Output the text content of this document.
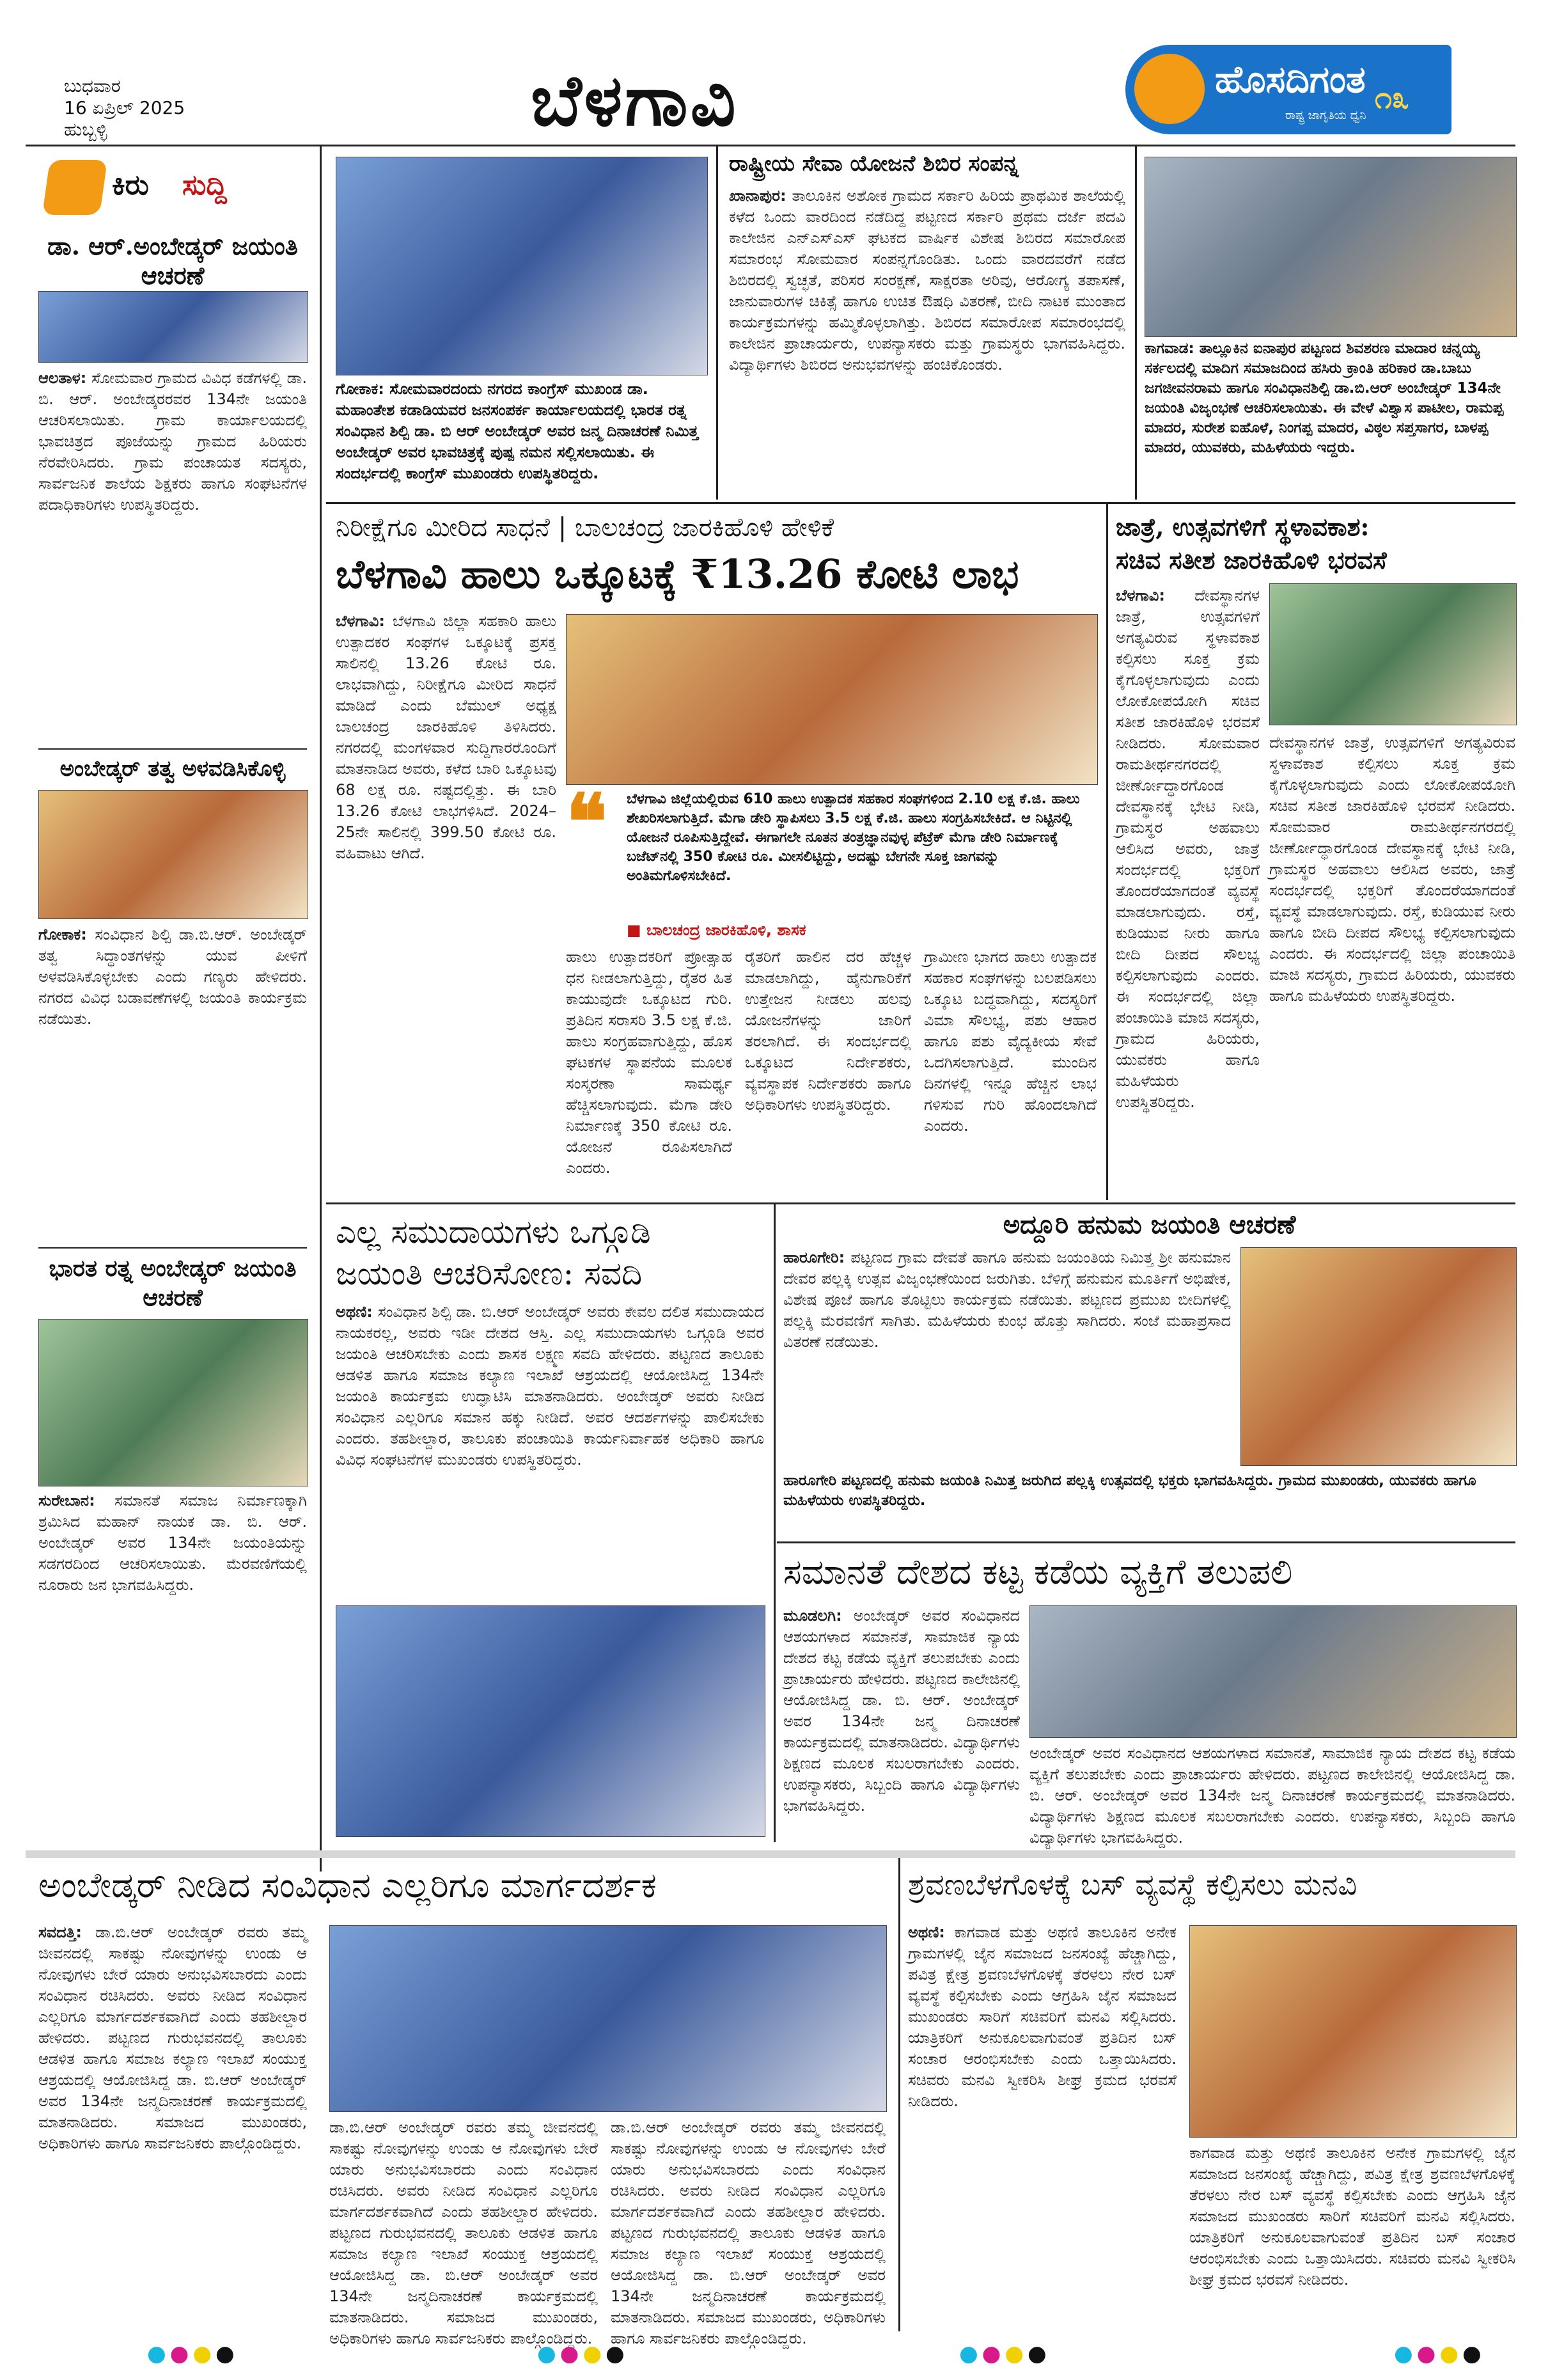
ಬುಧವಾರ
16 ಏಪ್ರಿಲ್ 2025
ಹುಬ್ಬಳ್ಳಿ	ಬೆಳಗಾವಿ	ಹೊಸದಿಗಂತ
ರಾಷ್ಟ್ರ ಜಾಗೃತಿಯ ಧ್ವನಿ ೧೩
ಕಿರು ಸುದ್ದಿ
ಡಾ. ಆರ್.ಅಂಬೇಡ್ಕರ್ ಜಯಂತಿ ಆಚರಣೆ
ಆಲತಾಳ: ಸೋಮವಾರ ಗ್ರಾಮದ ವಿವಿಧ ಕಡೆಗಳಲ್ಲಿ ಡಾ. ಬಿ. ಆರ್. ಅಂಬೇಡ್ಕರರವರ 134ನೇ ಜಯಂತಿ ಆಚರಿಸಲಾಯಿತು. ಗ್ರಾಮ ಕಾರ್ಯಾಲಯದಲ್ಲಿ ಭಾವಚಿತ್ರದ ಪೂಜೆಯನ್ನು ಗ್ರಾಮದ ಹಿರಿಯರು ನೆರವೇರಿಸಿದರು. ಗ್ರಾಮ ಪಂಚಾಯತ ಸದಸ್ಯರು, ಸಾರ್ವಜನಿಕ ಶಾಲೆಯ ಶಿಕ್ಷಕರು ಹಾಗೂ ಸಂಘಟನೆಗಳ ಪದಾಧಿಕಾರಿಗಳು ಉಪಸ್ಥಿತರಿದ್ದರು.
ಅಂಬೇಡ್ಕರ್ ತತ್ವ ಅಳವಡಿಸಿಕೊಳ್ಳಿ
ಗೋಕಾಕ: ಸಂವಿಧಾನ ಶಿಲ್ಪಿ ಡಾ.ಬಿ.ಆರ್. ಅಂಬೇಡ್ಕರ್ ತತ್ವ ಸಿದ್ಧಾಂತಗಳನ್ನು ಯುವ ಪೀಳಿಗೆ ಅಳವಡಿಸಿಕೊಳ್ಳಬೇಕು ಎಂದು ಗಣ್ಯರು ಹೇಳಿದರು. ನಗರದ ವಿವಿಧ ಬಡಾವಣೆಗಳಲ್ಲಿ ಜಯಂತಿ ಕಾರ್ಯಕ್ರಮ ನಡೆಯಿತು.
ಭಾರತ ರತ್ನ ಅಂಬೇಡ್ಕರ್ ಜಯಂತಿ ಆಚರಣೆ
ಸುರೇಬಾನ: ಸಮಾನತೆ ಸಮಾಜ ನಿರ್ಮಾಣಕ್ಕಾಗಿ ಶ್ರಮಿಸಿದ ಮಹಾನ್ ನಾಯಕ ಡಾ. ಬಿ. ಆರ್. ಅಂಬೇಡ್ಕರ್ ಅವರ 134ನೇ ಜಯಂತಿಯನ್ನು ಸಡಗರದಿಂದ ಆಚರಿಸಲಾಯಿತು. ಮೆರವಣಿಗೆಯಲ್ಲಿ ನೂರಾರು ಜನ ಭಾಗವಹಿಸಿದ್ದರು.
ಗೋಕಾಕ: ಸೋಮವಾರದಂದು ನಗರದ ಕಾಂಗ್ರೆಸ್ ಮುಖಂಡ ಡಾ. ಮಹಾಂತೇಶ ಕಡಾಡಿಯವರ ಜನಸಂಪರ್ಕ ಕಾರ್ಯಾಲಯದಲ್ಲಿ ಭಾರತ ರತ್ನ ಸಂವಿಧಾನ ಶಿಲ್ಪಿ ಡಾ. ಬಿ ಆರ್ ಅಂಬೇಡ್ಕರ್ ಅವರ ಜನ್ಮ ದಿನಾಚರಣೆ ನಿಮಿತ್ತ ಅಂಬೇಡ್ಕರ್ ಅವರ ಭಾವಚಿತ್ರಕ್ಕೆ ಪುಷ್ಪ ನಮನ ಸಲ್ಲಿಸಲಾಯಿತು. ಈ ಸಂದರ್ಭದಲ್ಲಿ ಕಾಂಗ್ರೆಸ್ ಮುಖಂಡರು ಉಪಸ್ಥಿತರಿದ್ದರು.
ರಾಷ್ಟ್ರೀಯ ಸೇವಾ ಯೋಜನೆ ಶಿಬಿರ ಸಂಪನ್ನ
ಖಾನಾಪುರ: ತಾಲೂಕಿನ ಅಶೋಕ ಗ್ರಾಮದ ಸರ್ಕಾರಿ ಹಿರಿಯ ಪ್ರಾಥಮಿಕ ಶಾಲೆಯಲ್ಲಿ ಕಳೆದ ಒಂದು ವಾರದಿಂದ ನಡೆದಿದ್ದ ಪಟ್ಟಣದ ಸರ್ಕಾರಿ ಪ್ರಥಮ ದರ್ಜೆ ಪದವಿ ಕಾಲೇಜಿನ ಎನ್ಎಸ್ಎಸ್ ಘಟಕದ ವಾರ್ಷಿಕ ವಿಶೇಷ ಶಿಬಿರದ ಸಮಾರೋಪ ಸಮಾರಂಭ ಸೋಮವಾರ ಸಂಪನ್ನಗೊಂಡಿತು. ಒಂದು ವಾರದವರೆಗೆ ನಡೆದ ಶಿಬಿರದಲ್ಲಿ ಸ್ವಚ್ಛತೆ, ಪರಿಸರ ಸಂರಕ್ಷಣೆ, ಸಾಕ್ಷರತಾ ಅರಿವು, ಆರೋಗ್ಯ ತಪಾಸಣೆ, ಜಾನುವಾರುಗಳ ಚಿಕಿತ್ಸೆ ಹಾಗೂ ಉಚಿತ ಔಷಧಿ ವಿತರಣೆ, ಬೀದಿ ನಾಟಕ ಮುಂತಾದ ಕಾರ್ಯಕ್ರಮಗಳನ್ನು ಹಮ್ಮಿಕೊಳ್ಳಲಾಗಿತ್ತು. ಶಿಬಿರದ ಸಮಾರೋಪ ಸಮಾರಂಭದಲ್ಲಿ ಕಾಲೇಜಿನ ಪ್ರಾಚಾರ್ಯರು, ಉಪನ್ಯಾಸಕರು ಮತ್ತು ಗ್ರಾಮಸ್ಥರು ಭಾಗವಹಿಸಿದ್ದರು. ವಿದ್ಯಾರ್ಥಿಗಳು ಶಿಬಿರದ ಅನುಭವಗಳನ್ನು ಹಂಚಿಕೊಂಡರು.
ಕಾಗವಾಡ: ತಾಲ್ಲೂಕಿನ ಐನಾಪುರ ಪಟ್ಟಣದ ಶಿವಶರಣ ಮಾದಾರ ಚನ್ನಯ್ಯ ಸರ್ಕಲದಲ್ಲಿ ಮಾದಿಗ ಸಮಾಜದಿಂದ ಹಸಿರು ಕ್ರಾಂತಿ ಹರಿಕಾರ ಡಾ.ಬಾಬು ಜಗಜೀವನರಾಮ ಹಾಗೂ ಸಂವಿಧಾನಶಿಲ್ಪಿ ಡಾ.ಬಿ.ಆರ್ ಅಂಬೇಡ್ಕರ್ 134ನೇ ಜಯಂತಿ ವಿಜೃಂಭಣೆ ಆಚರಿಸಲಾಯಿತು. ಈ ವೇಳೆ ವಿಶ್ವಾಸ ಪಾಟೀಲ, ರಾಮಪ್ಪ ಮಾದರ, ಸುರೇಶ ಐಹೊಳೆ, ನಿಂಗಪ್ಪ ಮಾದರ, ವಿಠ್ಠಲ ಸಪ್ತಸಾಗರ, ಬಾಳಪ್ಪ ಮಾದರ, ಯುವಕರು, ಮಹಿಳೆಯರು ಇದ್ದರು.
ನಿರೀಕ್ಷೆಗೂ ಮೀರಿದ ಸಾಧನೆ | ಬಾಲಚಂದ್ರ ಜಾರಕಿಹೊಳಿ ಹೇಳಿಕೆ
ಬೆಳಗಾವಿ ಹಾಲು ಒಕ್ಕೂಟಕ್ಕೆ ₹13.26 ಕೋಟಿ ಲಾಭ
ಬೆಳಗಾವಿ: ಬೆಳಗಾವಿ ಜಿಲ್ಲಾ ಸಹಕಾರಿ ಹಾಲು ಉತ್ಪಾದಕರ ಸಂಘಗಳ ಒಕ್ಕೂಟಕ್ಕೆ ಪ್ರಸಕ್ತ ಸಾಲಿನಲ್ಲಿ 13.26 ಕೋಟಿ ರೂ. ಲಾಭವಾಗಿದ್ದು, ನಿರೀಕ್ಷೆಗೂ ಮೀರಿದ ಸಾಧನೆ ಮಾಡಿದೆ ಎಂದು ಬೆಮುಲ್ ಅಧ್ಯಕ್ಷ ಬಾಲಚಂದ್ರ ಜಾರಕಿಹೊಳಿ ತಿಳಿಸಿದರು. ನಗರದಲ್ಲಿ ಮಂಗಳವಾರ ಸುದ್ದಿಗಾರರೊಂದಿಗೆ ಮಾತನಾಡಿದ ಅವರು, ಕಳೆದ ಬಾರಿ ಒಕ್ಕೂಟವು 68 ಲಕ್ಷ ರೂ. ನಷ್ಟದಲ್ಲಿತ್ತು. ಈ ಬಾರಿ 13.26 ಕೋಟಿ ಲಾಭಗಳಿಸಿದೆ. 2024–25ನೇ ಸಾಲಿನಲ್ಲಿ 399.50 ಕೋಟಿ ರೂ. ವಹಿವಾಟು ಆಗಿದೆ.	❝ ಬೆಳಗಾವಿ ಜಿಲ್ಲೆಯಲ್ಲಿರುವ 610 ಹಾಲು ಉತ್ಪಾದಕ ಸಹಕಾರ ಸಂಘಗಳಿಂದ 2.10 ಲಕ್ಷ ಕೆ.ಜಿ. ಹಾಲು ಶೇಖರಿಸಲಾಗುತ್ತಿದೆ. ಮೆಗಾ ಡೇರಿ ಸ್ಥಾಪಿಸಲು 3.5 ಲಕ್ಷ ಕೆ.ಜಿ. ಹಾಲು ಸಂಗ್ರಹಿಸಬೇಕಿದೆ. ಆ ನಿಟ್ಟಿನಲ್ಲಿ ಯೋಜನೆ ರೂಪಿಸುತ್ತಿದ್ದೇವೆ. ಈಗಾಗಲೇ ನೂತನ ತಂತ್ರಜ್ಞಾನವುಳ್ಳ ಪೆಟ್ರೆಕ್ ಮೆಗಾ ಡೇರಿ ನಿರ್ಮಾಣಕ್ಕೆ ಬಜೆಟ್‌ನಲ್ಲಿ 350 ಕೋಟಿ ರೂ. ಮೀಸಲಿಟ್ಟಿದ್ದು, ಅದಷ್ಟು ಬೇಗನೇ ಸೂಕ್ತ ಜಾಗವನ್ನು ಅಂತಿಮಗೊಳಿಸಬೇಕಿದೆ.
■ ಬಾಲಚಂದ್ರ ಜಾರಕಿಹೊಳಿ, ಶಾಸಕ
ಹಾಲು ಉತ್ಪಾದಕರಿಗೆ ಪ್ರೋತ್ಸಾಹ ಧನ ನೀಡಲಾಗುತ್ತಿದ್ದು, ರೈತರ ಹಿತ ಕಾಯುವುದೇ ಒಕ್ಕೂಟದ ಗುರಿ. ಪ್ರತಿದಿನ ಸರಾಸರಿ 3.5 ಲಕ್ಷ ಕೆ.ಜಿ. ಹಾಲು ಸಂಗ್ರಹವಾಗುತ್ತಿದ್ದು, ಹೊಸ ಘಟಕಗಳ ಸ್ಥಾಪನೆಯ ಮೂಲಕ ಸಂಸ್ಕರಣಾ ಸಾಮರ್ಥ್ಯ ಹೆಚ್ಚಿಸಲಾಗುವುದು. ಮೆಗಾ ಡೇರಿ ನಿರ್ಮಾಣಕ್ಕೆ 350 ಕೋಟಿ ರೂ. ಯೋಜನೆ ರೂಪಿಸಲಾಗಿದೆ ಎಂದರು.
ರೈತರಿಗೆ ಹಾಲಿನ ದರ ಹೆಚ್ಚಳ ಮಾಡಲಾಗಿದ್ದು, ಹೈನುಗಾರಿಕೆಗೆ ಉತ್ತೇಜನ ನೀಡಲು ಹಲವು ಯೋಜನೆಗಳನ್ನು ಜಾರಿಗೆ ತರಲಾಗಿದೆ. ಈ ಸಂದರ್ಭದಲ್ಲಿ ಒಕ್ಕೂಟದ ನಿರ್ದೇಶಕರು, ವ್ಯವಸ್ಥಾಪಕ ನಿರ್ದೇಶಕರು ಹಾಗೂ ಅಧಿಕಾರಿಗಳು ಉಪಸ್ಥಿತರಿದ್ದರು.
ಗ್ರಾಮೀಣ ಭಾಗದ ಹಾಲು ಉತ್ಪಾದಕ ಸಹಕಾರ ಸಂಘಗಳನ್ನು ಬಲಪಡಿಸಲು ಒಕ್ಕೂಟ ಬದ್ಧವಾಗಿದ್ದು, ಸದಸ್ಯರಿಗೆ ವಿಮಾ ಸೌಲಭ್ಯ, ಪಶು ಆಹಾರ ಹಾಗೂ ಪಶು ವೈದ್ಯಕೀಯ ಸೇವೆ ಒದಗಿಸಲಾಗುತ್ತಿದೆ. ಮುಂದಿನ ದಿನಗಳಲ್ಲಿ ಇನ್ನೂ ಹೆಚ್ಚಿನ ಲಾಭ ಗಳಿಸುವ ಗುರಿ ಹೊಂದಲಾಗಿದೆ ಎಂದರು.
ಜಾತ್ರೆ, ಉತ್ಸವಗಳಿಗೆ ಸ್ಥಳಾವಕಾಶ:
ಸಚಿವ ಸತೀಶ ಜಾರಕಿಹೊಳಿ ಭರವಸೆ
ಬೆಳಗಾವಿ: ದೇವಸ್ಥಾನಗಳ ಜಾತ್ರೆ, ಉತ್ಸವಗಳಿಗೆ ಅಗತ್ಯವಿರುವ ಸ್ಥಳಾವಕಾಶ ಕಲ್ಪಿಸಲು ಸೂಕ್ತ ಕ್ರಮ ಕೈಗೊಳ್ಳಲಾಗುವುದು ಎಂದು ಲೋಕೋಪಯೋಗಿ ಸಚಿವ ಸತೀಶ ಜಾರಕಿಹೊಳಿ ಭರವಸೆ ನೀಡಿದರು. ಸೋಮವಾರ ರಾಮತೀರ್ಥನಗರದಲ್ಲಿ ಜೀರ್ಣೋದ್ಧಾರಗೊಂಡ ದೇವಸ್ಥಾನಕ್ಕೆ ಭೇಟಿ ನೀಡಿ, ಗ್ರಾಮಸ್ಥರ ಅಹವಾಲು ಆಲಿಸಿದ ಅವರು, ಜಾತ್ರೆ ಸಂದರ್ಭದಲ್ಲಿ ಭಕ್ತರಿಗೆ ತೊಂದರೆಯಾಗದಂತೆ ವ್ಯವಸ್ಥೆ ಮಾಡಲಾಗುವುದು. ರಸ್ತೆ, ಕುಡಿಯುವ ನೀರು ಹಾಗೂ ಬೀದಿ ದೀಪದ ಸೌಲಭ್ಯ ಕಲ್ಪಿಸಲಾಗುವುದು ಎಂದರು. ಈ ಸಂದರ್ಭದಲ್ಲಿ ಜಿಲ್ಲಾ ಪಂಚಾಯಿತಿ ಮಾಜಿ ಸದಸ್ಯರು, ಗ್ರಾಮದ ಹಿರಿಯರು, ಯುವಕರು ಹಾಗೂ ಮಹಿಳೆಯರು ಉಪಸ್ಥಿತರಿದ್ದರು.
ದೇವಸ್ಥಾನಗಳ ಜಾತ್ರೆ, ಉತ್ಸವಗಳಿಗೆ ಅಗತ್ಯವಿರುವ ಸ್ಥಳಾವಕಾಶ ಕಲ್ಪಿಸಲು ಸೂಕ್ತ ಕ್ರಮ ಕೈಗೊಳ್ಳಲಾಗುವುದು ಎಂದು ಲೋಕೋಪಯೋಗಿ ಸಚಿವ ಸತೀಶ ಜಾರಕಿಹೊಳಿ ಭರವಸೆ ನೀಡಿದರು. ಸೋಮವಾರ ರಾಮತೀರ್ಥನಗರದಲ್ಲಿ ಜೀರ್ಣೋದ್ಧಾರಗೊಂಡ ದೇವಸ್ಥಾನಕ್ಕೆ ಭೇಟಿ ನೀಡಿ, ಗ್ರಾಮಸ್ಥರ ಅಹವಾಲು ಆಲಿಸಿದ ಅವರು, ಜಾತ್ರೆ ಸಂದರ್ಭದಲ್ಲಿ ಭಕ್ತರಿಗೆ ತೊಂದರೆಯಾಗದಂತೆ ವ್ಯವಸ್ಥೆ ಮಾಡಲಾಗುವುದು. ರಸ್ತೆ, ಕುಡಿಯುವ ನೀರು ಹಾಗೂ ಬೀದಿ ದೀಪದ ಸೌಲಭ್ಯ ಕಲ್ಪಿಸಲಾಗುವುದು ಎಂದರು. ಈ ಸಂದರ್ಭದಲ್ಲಿ ಜಿಲ್ಲಾ ಪಂಚಾಯಿತಿ ಮಾಜಿ ಸದಸ್ಯರು, ಗ್ರಾಮದ ಹಿರಿಯರು, ಯುವಕರು ಹಾಗೂ ಮಹಿಳೆಯರು ಉಪಸ್ಥಿತರಿದ್ದರು.
ಎಲ್ಲ ಸಮುದಾಯಗಳು ಒಗ್ಗೂಡಿ
ಜಯಂತಿ ಆಚರಿಸೋಣ: ಸವದಿ
ಅಥಣಿ: ಸಂವಿಧಾನ ಶಿಲ್ಪಿ ಡಾ. ಬಿ.ಆರ್ ಅಂಬೇಡ್ಕರ್ ಅವರು ಕೇವಲ ದಲಿತ ಸಮುದಾಯದ ನಾಯಕರಲ್ಲ, ಅವರು ಇಡೀ ದೇಶದ ಆಸ್ತಿ. ಎಲ್ಲ ಸಮುದಾಯಗಳು ಒಗ್ಗೂಡಿ ಅವರ ಜಯಂತಿ ಆಚರಿಸಬೇಕು ಎಂದು ಶಾಸಕ ಲಕ್ಷ್ಮಣ ಸವದಿ ಹೇಳಿದರು. ಪಟ್ಟಣದ ತಾಲೂಕು ಆಡಳಿತ ಹಾಗೂ ಸಮಾಜ ಕಲ್ಯಾಣ ಇಲಾಖೆ ಆಶ್ರಯದಲ್ಲಿ ಆಯೋಜಿಸಿದ್ದ 134ನೇ ಜಯಂತಿ ಕಾರ್ಯಕ್ರಮ ಉದ್ಘಾಟಿಸಿ ಮಾತನಾಡಿದರು. ಅಂಬೇಡ್ಕರ್ ಅವರು ನೀಡಿದ ಸಂವಿಧಾನ ಎಲ್ಲರಿಗೂ ಸಮಾನ ಹಕ್ಕು ನೀಡಿದೆ. ಅವರ ಆದರ್ಶಗಳನ್ನು ಪಾಲಿಸಬೇಕು ಎಂದರು. ತಹಶೀಲ್ದಾರ, ತಾಲೂಕು ಪಂಚಾಯಿತಿ ಕಾರ್ಯನಿರ್ವಾಹಕ ಅಧಿಕಾರಿ ಹಾಗೂ ವಿವಿಧ ಸಂಘಟನೆಗಳ ಮುಖಂಡರು ಉಪಸ್ಥಿತರಿದ್ದರು.
ಅದ್ದೂರಿ ಹನುಮ ಜಯಂತಿ ಆಚರಣೆ
ಹಾರೂಗೇರಿ: ಪಟ್ಟಣದ ಗ್ರಾಮ ದೇವತೆ ಹಾಗೂ ಹನುಮ ಜಯಂತಿಯ ನಿಮಿತ್ತ ಶ್ರೀ ಹನುಮಾನ ದೇವರ ಪಲ್ಲಕ್ಕಿ ಉತ್ಸವ ವಿಜೃಂಭಣೆಯಿಂದ ಜರುಗಿತು. ಬೆಳಿಗ್ಗೆ ಹನುಮನ ಮೂರ್ತಿಗೆ ಅಭಿಷೇಕ, ವಿಶೇಷ ಪೂಜೆ ಹಾಗೂ ತೊಟ್ಟಿಲು ಕಾರ್ಯಕ್ರಮ ನಡೆಯಿತು. ಪಟ್ಟಣದ ಪ್ರಮುಖ ಬೀದಿಗಳಲ್ಲಿ ಪಲ್ಲಕ್ಕಿ ಮೆರವಣಿಗೆ ಸಾಗಿತು. ಮಹಿಳೆಯರು ಕುಂಭ ಹೊತ್ತು ಸಾಗಿದರು. ಸಂಜೆ ಮಹಾಪ್ರಸಾದ ವಿತರಣೆ ನಡೆಯಿತು.
ಹಾರೂಗೇರಿ ಪಟ್ಟಣದಲ್ಲಿ ಹನುಮ ಜಯಂತಿ ನಿಮಿತ್ತ ಜರುಗಿದ ಪಲ್ಲಕ್ಕಿ ಉತ್ಸವದಲ್ಲಿ ಭಕ್ತರು ಭಾಗವಹಿಸಿದ್ದರು. ಗ್ರಾಮದ ಮುಖಂಡರು, ಯುವಕರು ಹಾಗೂ ಮಹಿಳೆಯರು ಉಪಸ್ಥಿತರಿದ್ದರು.
ಸಮಾನತೆ ದೇಶದ ಕಟ್ಟ ಕಡೆಯ ವ್ಯಕ್ತಿಗೆ ತಲುಪಲಿ
ಮೂಡಲಗಿ: ಅಂಬೇಡ್ಕರ್ ಅವರ ಸಂವಿಧಾನದ ಆಶಯಗಳಾದ ಸಮಾನತೆ, ಸಾಮಾಜಿಕ ನ್ಯಾಯ ದೇಶದ ಕಟ್ಟ ಕಡೆಯ ವ್ಯಕ್ತಿಗೆ ತಲುಪಬೇಕು ಎಂದು ಪ್ರಾಚಾರ್ಯರು ಹೇಳಿದರು. ಪಟ್ಟಣದ ಕಾಲೇಜಿನಲ್ಲಿ ಆಯೋಜಿಸಿದ್ದ ಡಾ. ಬಿ. ಆರ್. ಅಂಬೇಡ್ಕರ್ ಅವರ 134ನೇ ಜನ್ಮ ದಿನಾಚರಣೆ ಕಾರ್ಯಕ್ರಮದಲ್ಲಿ ಮಾತನಾಡಿದರು. ವಿದ್ಯಾರ್ಥಿಗಳು ಶಿಕ್ಷಣದ ಮೂಲಕ ಸಬಲರಾಗಬೇಕು ಎಂದರು. ಉಪನ್ಯಾಸಕರು, ಸಿಬ್ಬಂದಿ ಹಾಗೂ ವಿದ್ಯಾರ್ಥಿಗಳು ಭಾಗವಹಿಸಿದ್ದರು.
ಅಂಬೇಡ್ಕರ್ ಅವರ ಸಂವಿಧಾನದ ಆಶಯಗಳಾದ ಸಮಾನತೆ, ಸಾಮಾಜಿಕ ನ್ಯಾಯ ದೇಶದ ಕಟ್ಟ ಕಡೆಯ ವ್ಯಕ್ತಿಗೆ ತಲುಪಬೇಕು ಎಂದು ಪ್ರಾಚಾರ್ಯರು ಹೇಳಿದರು. ಪಟ್ಟಣದ ಕಾಲೇಜಿನಲ್ಲಿ ಆಯೋಜಿಸಿದ್ದ ಡಾ. ಬಿ. ಆರ್. ಅಂಬೇಡ್ಕರ್ ಅವರ 134ನೇ ಜನ್ಮ ದಿನಾಚರಣೆ ಕಾರ್ಯಕ್ರಮದಲ್ಲಿ ಮಾತನಾಡಿದರು. ವಿದ್ಯಾರ್ಥಿಗಳು ಶಿಕ್ಷಣದ ಮೂಲಕ ಸಬಲರಾಗಬೇಕು ಎಂದರು. ಉಪನ್ಯಾಸಕರು, ಸಿಬ್ಬಂದಿ ಹಾಗೂ ವಿದ್ಯಾರ್ಥಿಗಳು ಭಾಗವಹಿಸಿದ್ದರು.
ಅಂಬೇಡ್ಕರ್ ನೀಡಿದ ಸಂವಿಧಾನ ಎಲ್ಲರಿಗೂ ಮಾರ್ಗದರ್ಶಕ
ಸವದತ್ತಿ: ಡಾ.ಬಿ.ಆರ್ ಅಂಬೇಡ್ಕರ್ ರವರು ತಮ್ಮ ಜೀವನದಲ್ಲಿ ಸಾಕಷ್ಟು ನೋವುಗಳನ್ನು ಉಂಡು ಆ ನೋವುಗಳು ಬೇರೆ ಯಾರು ಅನುಭವಿಸಬಾರದು ಎಂದು ಸಂವಿಧಾನ ರಚಿಸಿದರು. ಅವರು ನೀಡಿದ ಸಂವಿಧಾನ ಎಲ್ಲರಿಗೂ ಮಾರ್ಗದರ್ಶಕವಾಗಿದೆ ಎಂದು ತಹಶೀಲ್ದಾರ ಹೇಳಿದರು. ಪಟ್ಟಣದ ಗುರುಭವನದಲ್ಲಿ ತಾಲೂಕು ಆಡಳಿತ ಹಾಗೂ ಸಮಾಜ ಕಲ್ಯಾಣ ಇಲಾಖೆ ಸಂಯುಕ್ತ ಆಶ್ರಯದಲ್ಲಿ ಆಯೋಜಿಸಿದ್ದ ಡಾ. ಬಿ.ಆರ್ ಅಂಬೇಡ್ಕರ್ ಅವರ 134ನೇ ಜನ್ಮದಿನಾಚರಣೆ ಕಾರ್ಯಕ್ರಮದಲ್ಲಿ ಮಾತನಾಡಿದರು. ಸಮಾಜದ ಮುಖಂಡರು, ಅಧಿಕಾರಿಗಳು ಹಾಗೂ ಸಾರ್ವಜನಿಕರು ಪಾಲ್ಗೊಂಡಿದ್ದರು.
ಡಾ.ಬಿ.ಆರ್ ಅಂಬೇಡ್ಕರ್ ರವರು ತಮ್ಮ ಜೀವನದಲ್ಲಿ ಸಾಕಷ್ಟು ನೋವುಗಳನ್ನು ಉಂಡು ಆ ನೋವುಗಳು ಬೇರೆ ಯಾರು ಅನುಭವಿಸಬಾರದು ಎಂದು ಸಂವಿಧಾನ ರಚಿಸಿದರು. ಅವರು ನೀಡಿದ ಸಂವಿಧಾನ ಎಲ್ಲರಿಗೂ ಮಾರ್ಗದರ್ಶಕವಾಗಿದೆ ಎಂದು ತಹಶೀಲ್ದಾರ ಹೇಳಿದರು. ಪಟ್ಟಣದ ಗುರುಭವನದಲ್ಲಿ ತಾಲೂಕು ಆಡಳಿತ ಹಾಗೂ ಸಮಾಜ ಕಲ್ಯಾಣ ಇಲಾಖೆ ಸಂಯುಕ್ತ ಆಶ್ರಯದಲ್ಲಿ ಆಯೋಜಿಸಿದ್ದ ಡಾ. ಬಿ.ಆರ್ ಅಂಬೇಡ್ಕರ್ ಅವರ 134ನೇ ಜನ್ಮದಿನಾಚರಣೆ ಕಾರ್ಯಕ್ರಮದಲ್ಲಿ ಮಾತನಾಡಿದರು. ಸಮಾಜದ ಮುಖಂಡರು, ಅಧಿಕಾರಿಗಳು ಹಾಗೂ ಸಾರ್ವಜನಿಕರು ಪಾಲ್ಗೊಂಡಿದ್ದರು.
ಡಾ.ಬಿ.ಆರ್ ಅಂಬೇಡ್ಕರ್ ರವರು ತಮ್ಮ ಜೀವನದಲ್ಲಿ ಸಾಕಷ್ಟು ನೋವುಗಳನ್ನು ಉಂಡು ಆ ನೋವುಗಳು ಬೇರೆ ಯಾರು ಅನುಭವಿಸಬಾರದು ಎಂದು ಸಂವಿಧಾನ ರಚಿಸಿದರು. ಅವರು ನೀಡಿದ ಸಂವಿಧಾನ ಎಲ್ಲರಿಗೂ ಮಾರ್ಗದರ್ಶಕವಾಗಿದೆ ಎಂದು ತಹಶೀಲ್ದಾರ ಹೇಳಿದರು. ಪಟ್ಟಣದ ಗುರುಭವನದಲ್ಲಿ ತಾಲೂಕು ಆಡಳಿತ ಹಾಗೂ ಸಮಾಜ ಕಲ್ಯಾಣ ಇಲಾಖೆ ಸಂಯುಕ್ತ ಆಶ್ರಯದಲ್ಲಿ ಆಯೋಜಿಸಿದ್ದ ಡಾ. ಬಿ.ಆರ್ ಅಂಬೇಡ್ಕರ್ ಅವರ 134ನೇ ಜನ್ಮದಿನಾಚರಣೆ ಕಾರ್ಯಕ್ರಮದಲ್ಲಿ ಮಾತನಾಡಿದರು. ಸಮಾಜದ ಮುಖಂಡರು, ಅಧಿಕಾರಿಗಳು ಹಾಗೂ ಸಾರ್ವಜನಿಕರು ಪಾಲ್ಗೊಂಡಿದ್ದರು.
ಶ್ರವಣಬೆಳಗೊಳಕ್ಕೆ ಬಸ್ ವ್ಯವಸ್ಥೆ ಕಲ್ಪಿಸಲು ಮನವಿ
ಅಥಣಿ: ಕಾಗವಾಡ ಮತ್ತು ಅಥಣಿ ತಾಲೂಕಿನ ಅನೇಕ ಗ್ರಾಮಗಳಲ್ಲಿ ಜೈನ ಸಮಾಜದ ಜನಸಂಖ್ಯೆ ಹೆಚ್ಚಾಗಿದ್ದು, ಪವಿತ್ರ ಕ್ಷೇತ್ರ ಶ್ರವಣಬೆಳಗೊಳಕ್ಕೆ ತೆರಳಲು ನೇರ ಬಸ್ ವ್ಯವಸ್ಥೆ ಕಲ್ಪಿಸಬೇಕು ಎಂದು ಆಗ್ರಹಿಸಿ ಜೈನ ಸಮಾಜದ ಮುಖಂಡರು ಸಾರಿಗೆ ಸಚಿವರಿಗೆ ಮನವಿ ಸಲ್ಲಿಸಿದರು. ಯಾತ್ರಿಕರಿಗೆ ಅನುಕೂಲವಾಗುವಂತೆ ಪ್ರತಿದಿನ ಬಸ್ ಸಂಚಾರ ಆರಂಭಿಸಬೇಕು ಎಂದು ಒತ್ತಾಯಿಸಿದರು. ಸಚಿವರು ಮನವಿ ಸ್ವೀಕರಿಸಿ ಶೀಘ್ರ ಕ್ರಮದ ಭರವಸೆ ನೀಡಿದರು.
ಕಾಗವಾಡ ಮತ್ತು ಅಥಣಿ ತಾಲೂಕಿನ ಅನೇಕ ಗ್ರಾಮಗಳಲ್ಲಿ ಜೈನ ಸಮಾಜದ ಜನಸಂಖ್ಯೆ ಹೆಚ್ಚಾಗಿದ್ದು, ಪವಿತ್ರ ಕ್ಷೇತ್ರ ಶ್ರವಣಬೆಳಗೊಳಕ್ಕೆ ತೆರಳಲು ನೇರ ಬಸ್ ವ್ಯವಸ್ಥೆ ಕಲ್ಪಿಸಬೇಕು ಎಂದು ಆಗ್ರಹಿಸಿ ಜೈನ ಸಮಾಜದ ಮುಖಂಡರು ಸಾರಿಗೆ ಸಚಿವರಿಗೆ ಮನವಿ ಸಲ್ಲಿಸಿದರು. ಯಾತ್ರಿಕರಿಗೆ ಅನುಕೂಲವಾಗುವಂತೆ ಪ್ರತಿದಿನ ಬಸ್ ಸಂಚಾರ ಆರಂಭಿಸಬೇಕು ಎಂದು ಒತ್ತಾಯಿಸಿದರು. ಸಚಿವರು ಮನವಿ ಸ್ವೀಕರಿಸಿ ಶೀಘ್ರ ಕ್ರಮದ ಭರವಸೆ ನೀಡಿದರು.
●●●●	●●●●	●●●●	●●●●
